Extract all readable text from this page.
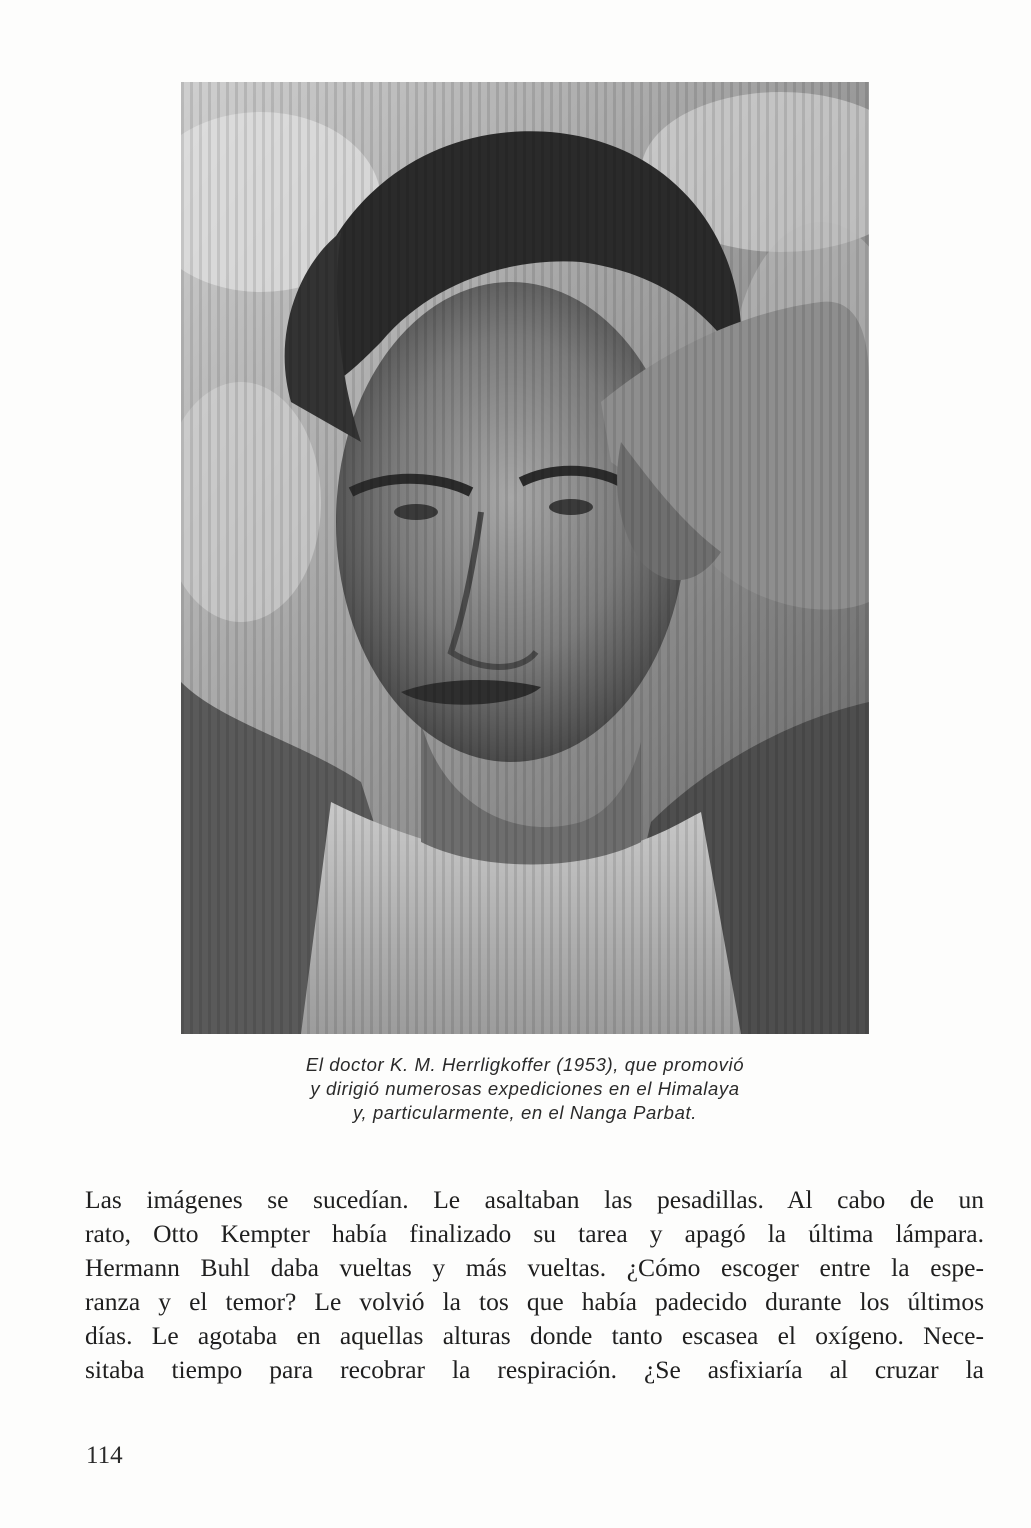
El doctor K. M. Herrligkoffer (1953), que promovió
y dirigió numerosas expediciones en el Himalaya
y, particularmente, en el Nanga Parbat.
Las imágenes se sucedían. Le asaltaban las pesadillas. Al cabo de un
rato, Otto Kempter había finalizado su tarea y apagó la última lámpara.
Hermann Buhl daba vueltas y más vueltas. ¿Cómo escoger entre la espe-
ranza y el temor? Le volvió la tos que había padecido durante los últimos
días. Le agotaba en aquellas alturas donde tanto escasea el oxígeno. Nece-
sitaba tiempo para recobrar la respiración. ¿Se asfixiaría al cruzar la
114
